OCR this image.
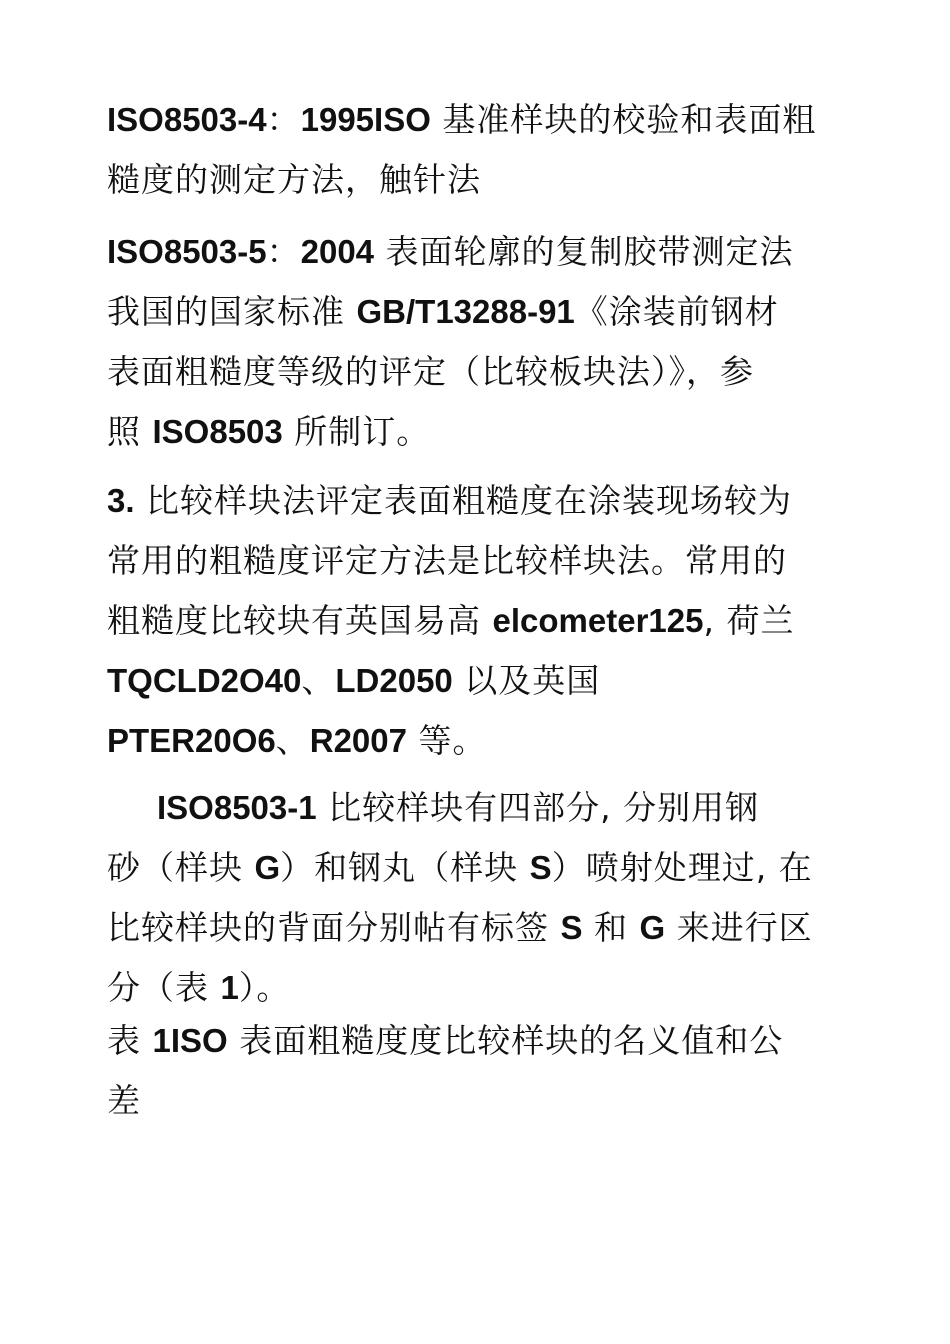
ISO8503-4：1995ISO 基准样块的校验和表面粗
糙度的测定方法，触针法
ISO8503-5：2004 表面轮廓的复制胶带测定法
我国的国家标准 GB/T13288-91《涂装前钢材
表面粗糙度等级的评定（比较板块法）》，参
照 ISO8503 所制订。
3. 比较样块法评定表面粗糙度在涂装现场较为
常用的粗糙度评定方法是比较样块法。常用的
粗糙度比较块有英国易高 elcometer125, 荷兰
TQCLD2O40、LD2050 以及英国
PTER20O6、R2007 等。
ISO8503-1 比较样块有四部分, 分别用钢
砂（样块 G）和钢丸（样块 S）喷射处理过, 在
比较样块的背面分别帖有标签 S 和 G 来进行区
分（表 1）。
表 1ISO 表面粗糙度度比较样块的名义值和公
差
